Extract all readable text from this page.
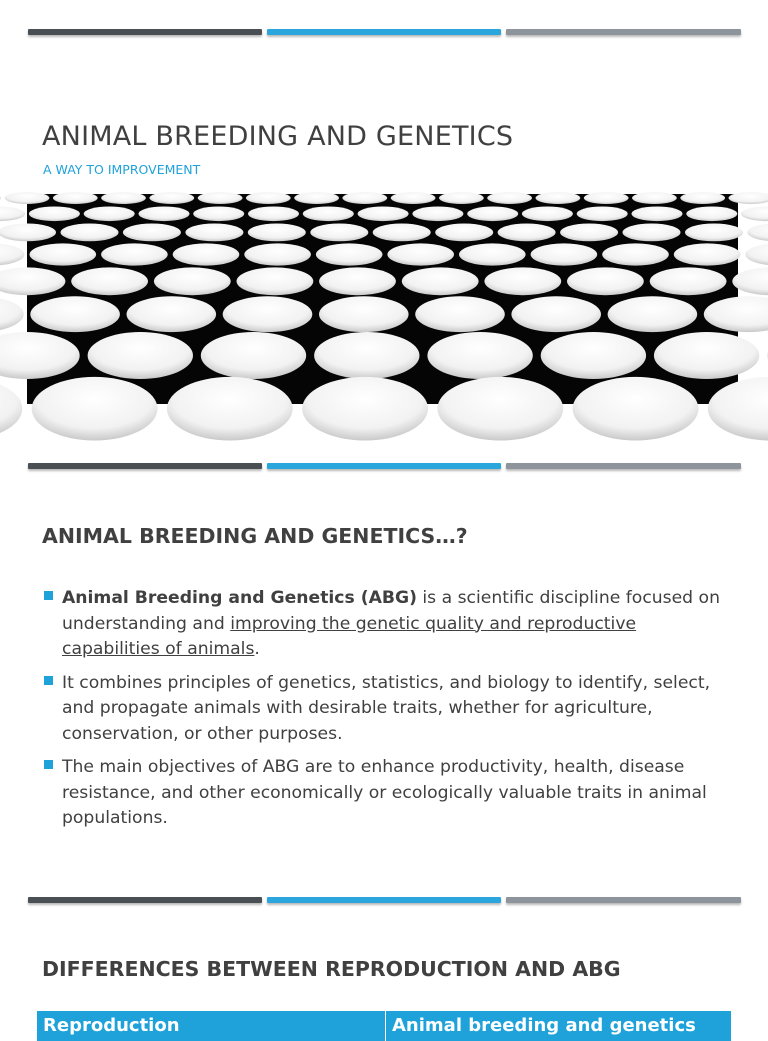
ANIMAL BREEDING AND GENETICS
A WAY TO IMPROVEMENT
ANIMAL BREEDING AND GENETICS…?
Animal Breeding and Genetics (ABG) is a scientific discipline focused on understanding and improving the genetic quality and reproductive capabilities of animals.
It combines principles of genetics, statistics, and biology to identify, select, and propagate animals with desirable traits, whether for agriculture, conservation, or other purposes.
The main objectives of ABG are to enhance productivity, health, disease resistance, and other economically or ecologically valuable traits in animal populations.
DIFFERENCES BETWEEN REPRODUCTION AND ABG
Reproduction	Animal breeding and genetics
